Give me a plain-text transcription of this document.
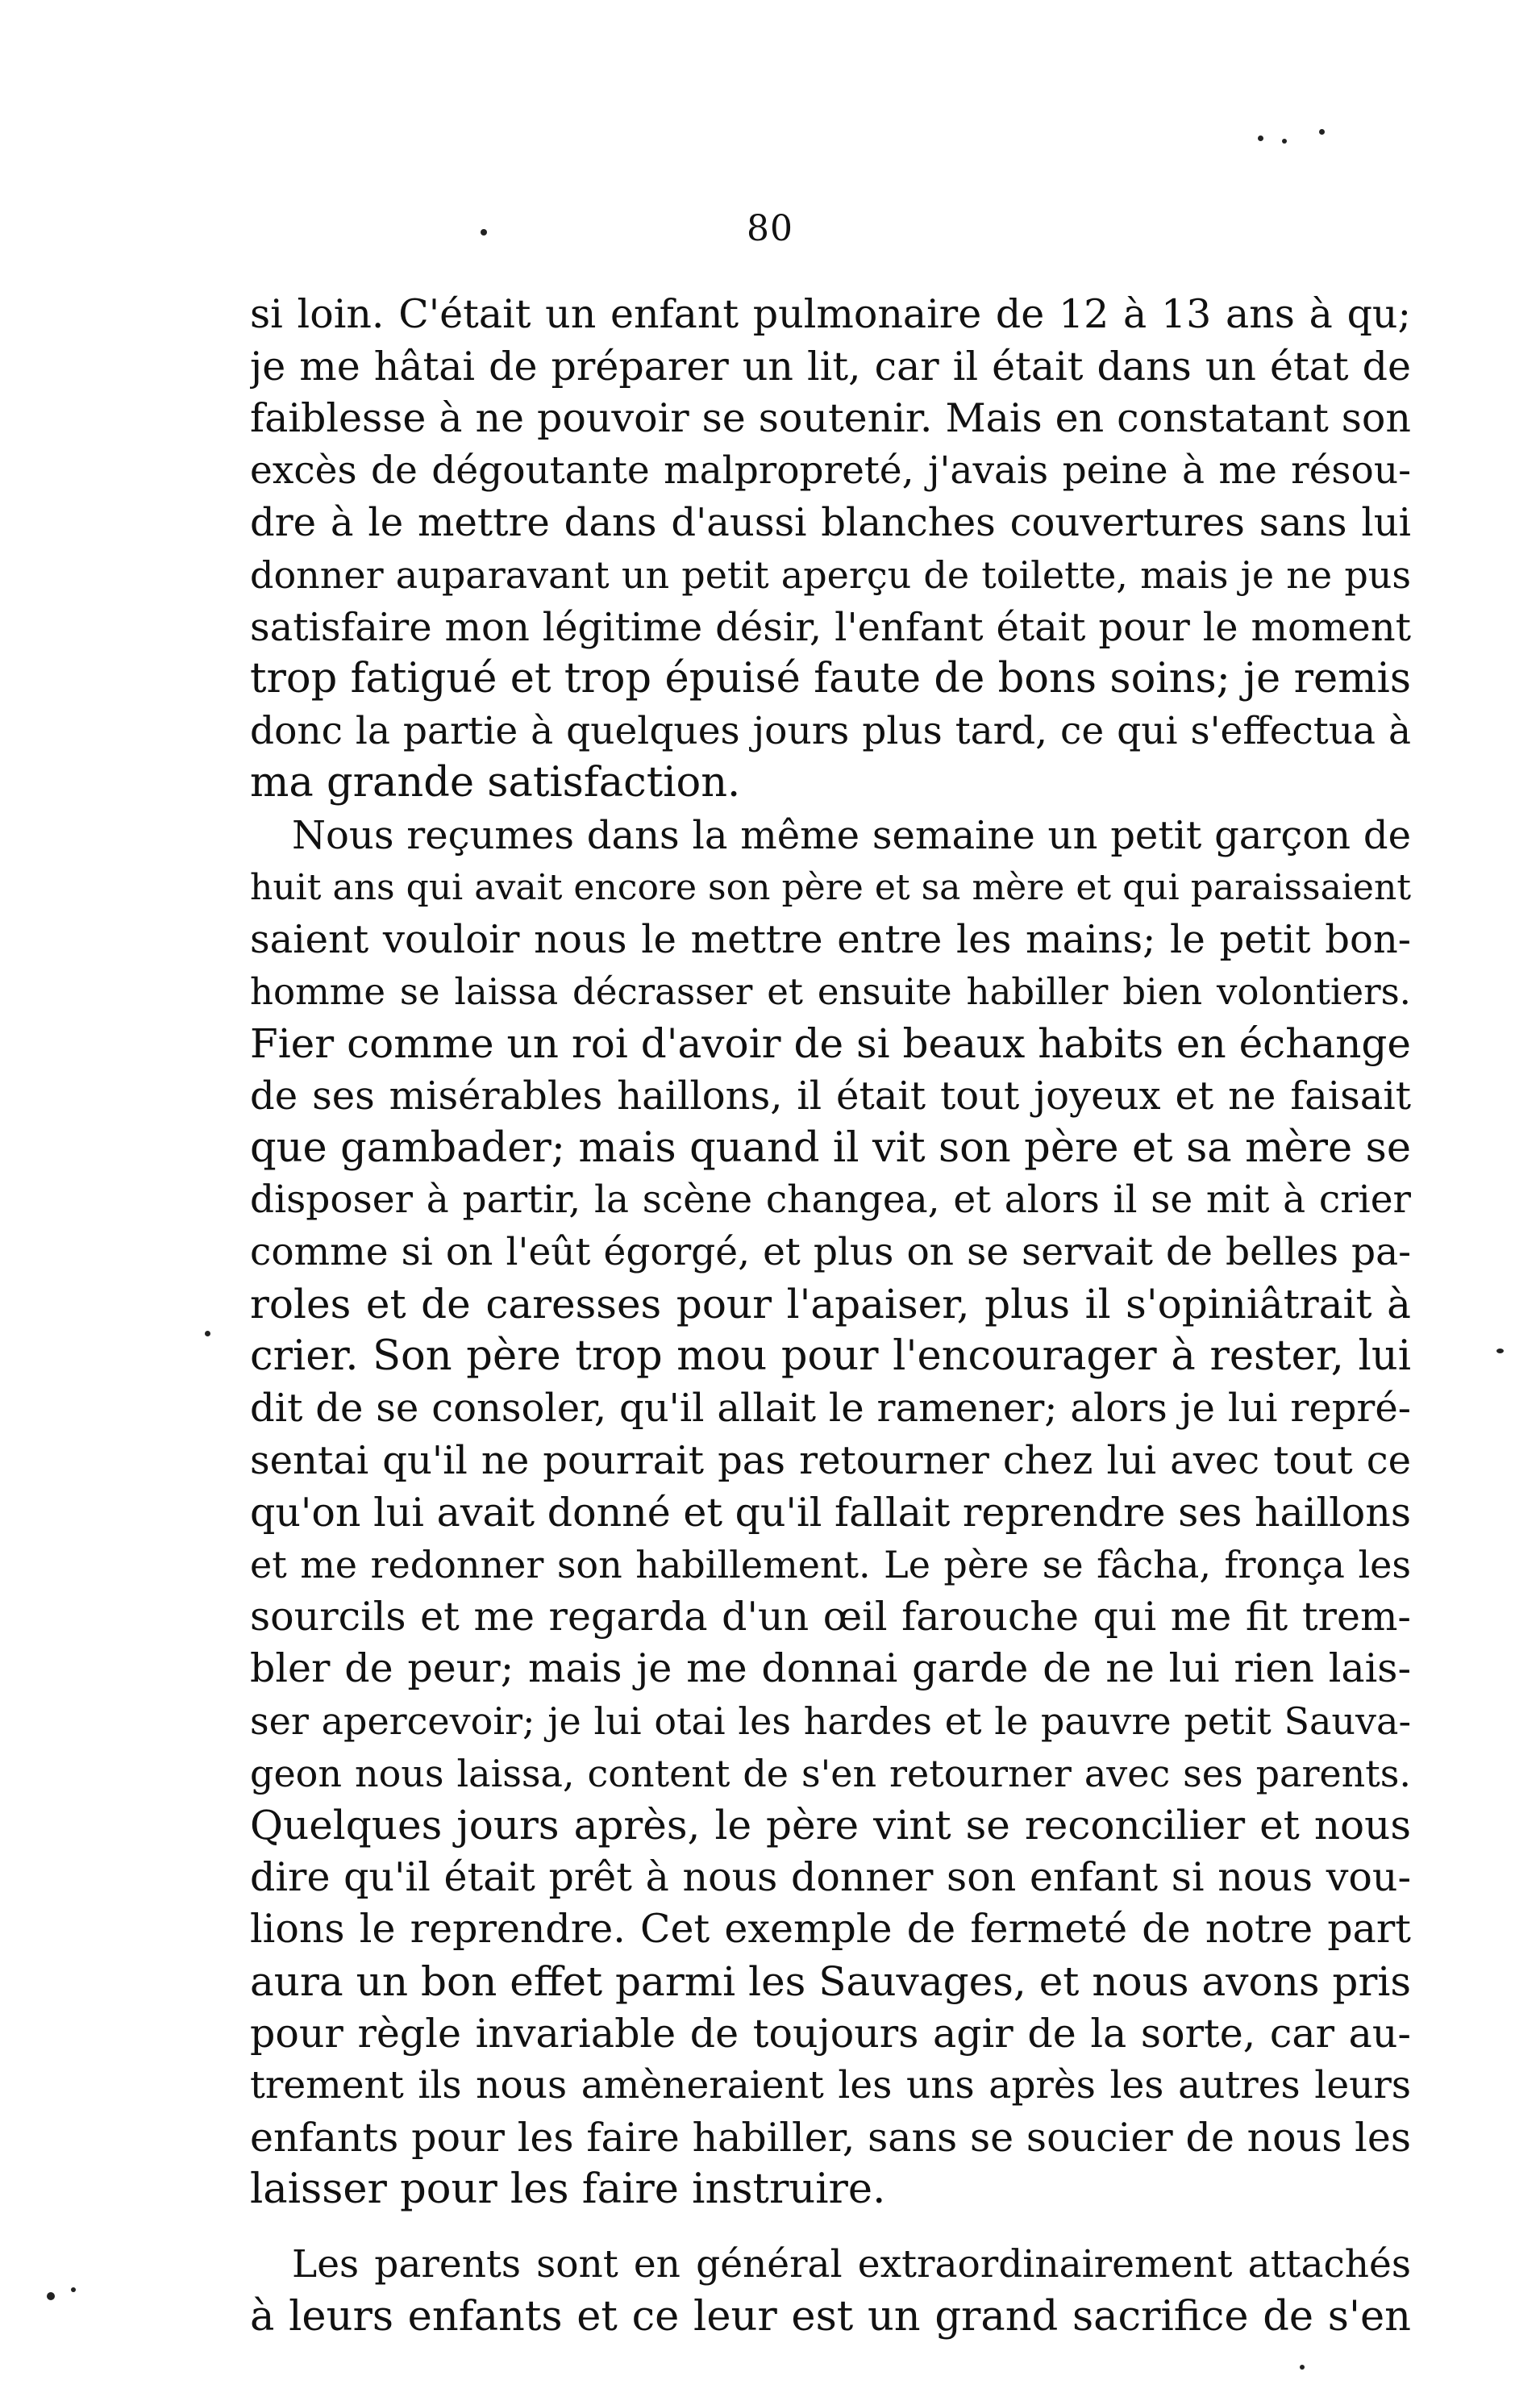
80
si loin. C'était un enfant pulmonaire de 12 à 13 ans à qu;
je me hâtai de préparer un lit, car il était dans un état de
faiblesse à ne pouvoir se soutenir. Mais en constatant son
excès de dégoutante malpropreté, j'avais peine à me résou-
dre à le mettre dans d'aussi blanches couvertures sans lui
donner auparavant un petit aperçu de toilette, mais je ne pus
satisfaire mon légitime désir, l'enfant était pour le moment
trop fatigué et trop épuisé faute de bons soins; je remis
donc la partie à quelques jours plus tard, ce qui s'effectua à
ma grande satisfaction.
Nous reçumes dans la même semaine un petit garçon de
huit ans qui avait encore son père et sa mère et qui paraissaient
saient vouloir nous le mettre entre les mains; le petit bon-
homme se laissa décrasser et ensuite habiller bien volontiers.
Fier comme un roi d'avoir de si beaux habits en échange
de ses misérables haillons, il était tout joyeux et ne faisait
que gambader; mais quand il vit son père et sa mère se
disposer à partir, la scène changea, et alors il se mit à crier
comme si on l'eût égorgé, et plus on se servait de belles pa-
roles et de caresses pour l'apaiser, plus il s'opiniâtrait à
crier. Son père trop mou pour l'encourager à rester, lui
dit de se consoler, qu'il allait le ramener; alors je lui repré-
sentai qu'il ne pourrait pas retourner chez lui avec tout ce
qu'on lui avait donné et qu'il fallait reprendre ses haillons
et me redonner son habillement. Le père se fâcha, fronça les
sourcils et me regarda d'un œil farouche qui me fit trem-
bler de peur; mais je me donnai garde de ne lui rien lais-
ser apercevoir; je lui otai les hardes et le pauvre petit Sauva-
geon nous laissa, content de s'en retourner avec ses parents.
Quelques jours après, le père vint se reconcilier et nous
dire qu'il était prêt à nous donner son enfant si nous vou-
lions le reprendre. Cet exemple de fermeté de notre part
aura un bon effet parmi les Sauvages, et nous avons pris
pour règle invariable de toujours agir de la sorte, car au-
trement ils nous amèneraient les uns après les autres leurs
enfants pour les faire habiller, sans se soucier de nous les
laisser pour les faire instruire.
Les parents sont en général extraordinairement attachés
à leurs enfants et ce leur est un grand sacrifice de s'en
